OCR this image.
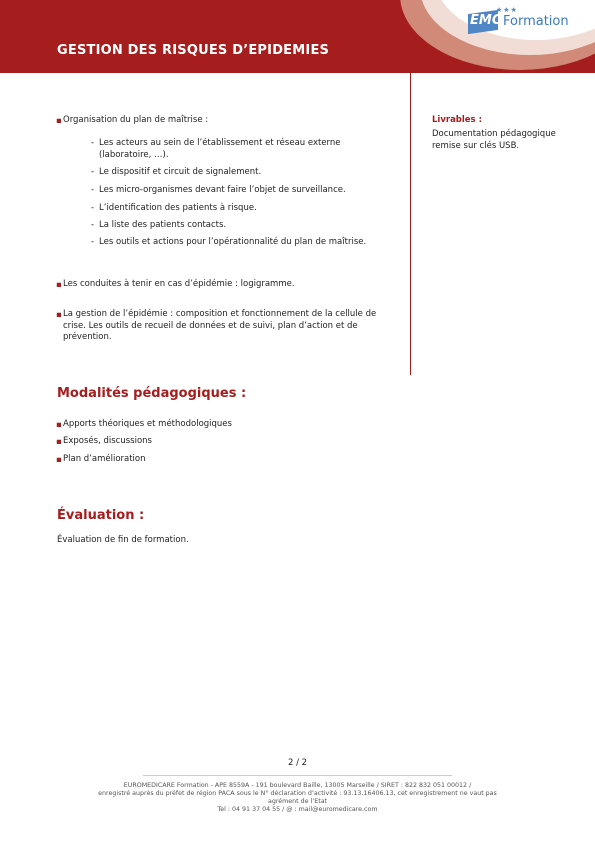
EMC
★★★
Formation
GESTION DES RISQUES D’EPIDEMIES
▪ Organisation du plan de maîtrise :
- Les acteurs au sein de l’établissement et réseau externe (laboratoire, …).
- Le dispositif et circuit de signalement.
- Les micro-organismes devant faire l’objet de surveillance.
- L’identification des patients à risque.
- La liste des patients contacts.
- Les outils et actions pour l’opérationnalité du plan de maîtrise.
▪ Les conduites à tenir en cas d’épidémie : logigramme.
▪ La gestion de l’épidémie : composition et fonctionnement de la cellule de crise. Les outils de recueil de données et de suivi, plan d’action et de prévention.
Modalités pédagogiques :
▪ Apports théoriques et méthodologiques
▪ Exposés, discussions
▪ Plan d’amélioration
Évaluation :
Évaluation de fin de formation.
Livrables :
Documentation pédagogique remise sur clés USB.
2 / 2
EUROMEDICARE Formation - APE 8559A - 191 boulevard Baille, 13005 Marseille / SIRET : 822 832 051 00012 /
enregistré auprès du préfet de région PACA sous le N° déclaration d’activité : 93.13.16406.13, cet enregistrement ne vaut pas
agrément de l’Etat
Tel : 04 91 37 04 55 / @ : mail@euromedicare.com
